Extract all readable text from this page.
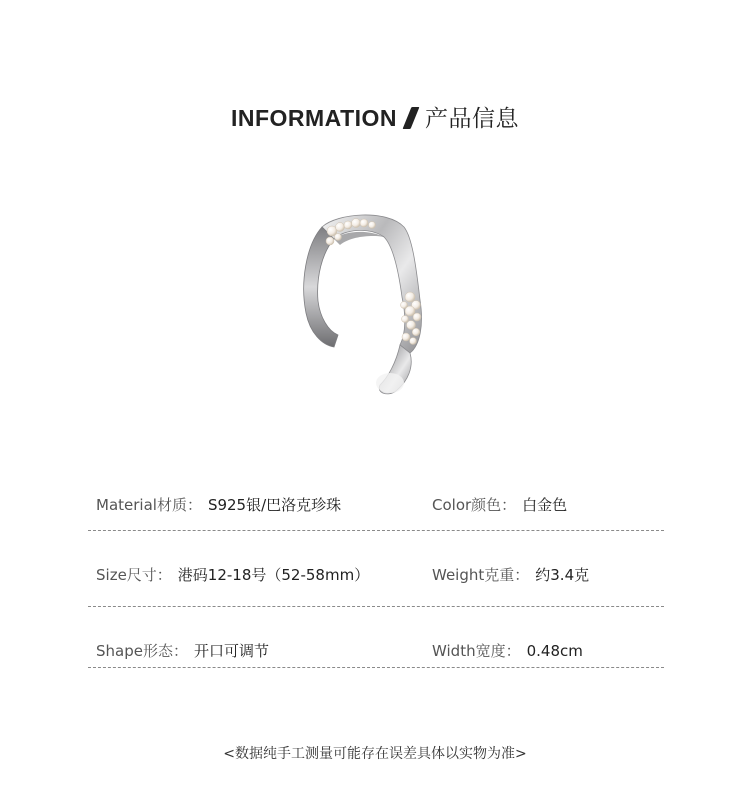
INFORMATION 产品信息
Material材质： S925银/巴洛克珍珠	Color颜色： 白金色
Size尺寸： 港码12-18号（52-58mm）	Weight克重： 约3.4克
Shape形态： 开口可调节	Width宽度： 0.48cm
<数据纯手工测量可能存在误差具体以实物为准>
